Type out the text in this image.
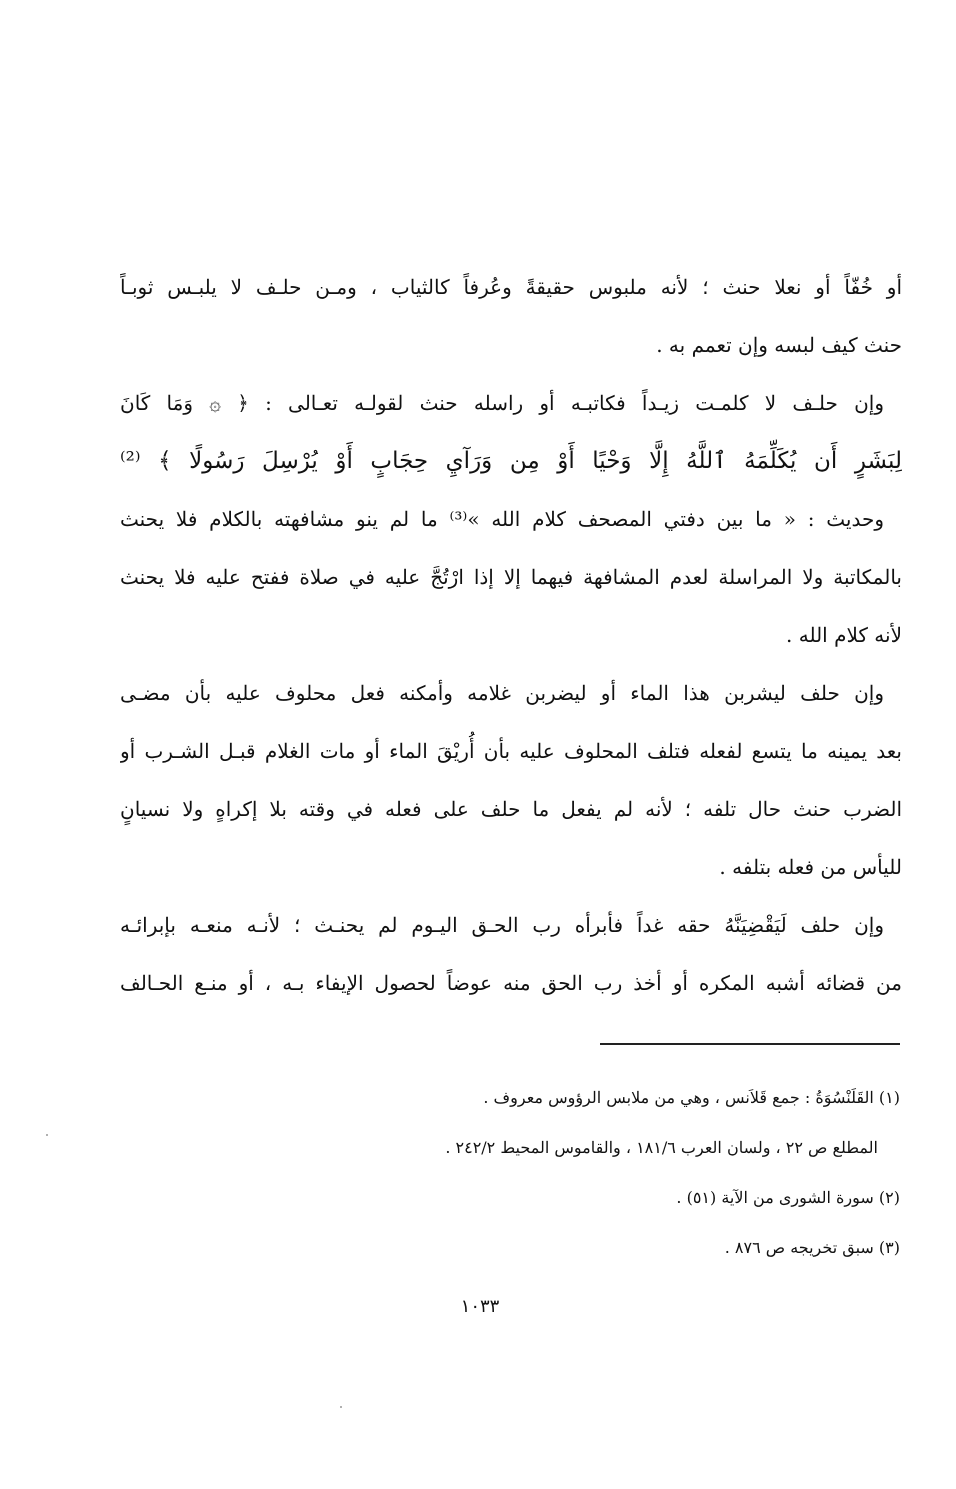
أو خُفّاً أو نعلا حنث ؛ لأنه ملبوس حقيقةً وعُرفاً كالثياب ، ومـن حلـف لا يلبـس ثوبـاً
حنث كيف لبسه وإن تعمم به .
وإن حلـف لا كلمـت زيـداً فكاتبـه أو راسله حنث لقولـه تعـالى : ﴿ ۞ وَمَا كَانَ
لِبَشَرٍ أَن يُكَلِّمَهُ ٱللَّهُ إِلَّا وَحْيًا أَوْ مِن وَرَآيِ حِجَابٍ أَوْ يُرْسِلَ رَسُولًا ﴾ ⁽²⁾
وحديث : « ما بين دفتي المصحف كلام الله »⁽³⁾ ما لم ينو مشافهته بالكلام فلا يحنث
بالمكاتبة ولا المراسلة لعدم المشافهة فيهما إلا إذا ارْتُجَّ عليه في صلاة ففتح عليه فلا يحنث
لأنه كلام الله .
وإن حلف ليشربن هذا الماء أو ليضربن غلامه وأمكنه فعل محلوف عليه بأن مضـى
بعد يمينه ما يتسع لفعله فتلف المحلوف عليه بأن أُريْقَ الماء أو مات الغلام قبـل الشـرب أو
الضرب حنث حال تلفه ؛ لأنه لم يفعل ما حلف على فعله في وقته بلا إكراهٍ ولا نسيانٍ
لليأس من فعله بتلفه .
وإن حلف لَيَقْضِيَنَّهُ حقه غداً فأبرأه رب الحـق اليـوم لم يحنـث ؛ لأنـه منعـه بإبرائـه
من قضائه أشبه المكره أو أخذ رب الحق منه عوضاً لحصول الإيفاء بـه ، أو منـع الحـالف
(١) القَلَنْسُوَةُ : جمع قَلاَنس ، وهي من ملابس الرؤوس معروف .
المطلع ص ٢٢ ، ولسان العرب ١٨١/٦ ، والقاموس المحيط ٢٤٢/٢ .
(٢) سورة الشورى من الآية (٥١) .
(٣) سبق تخريجه ص ٨٧٦ .
١٠٣٣
